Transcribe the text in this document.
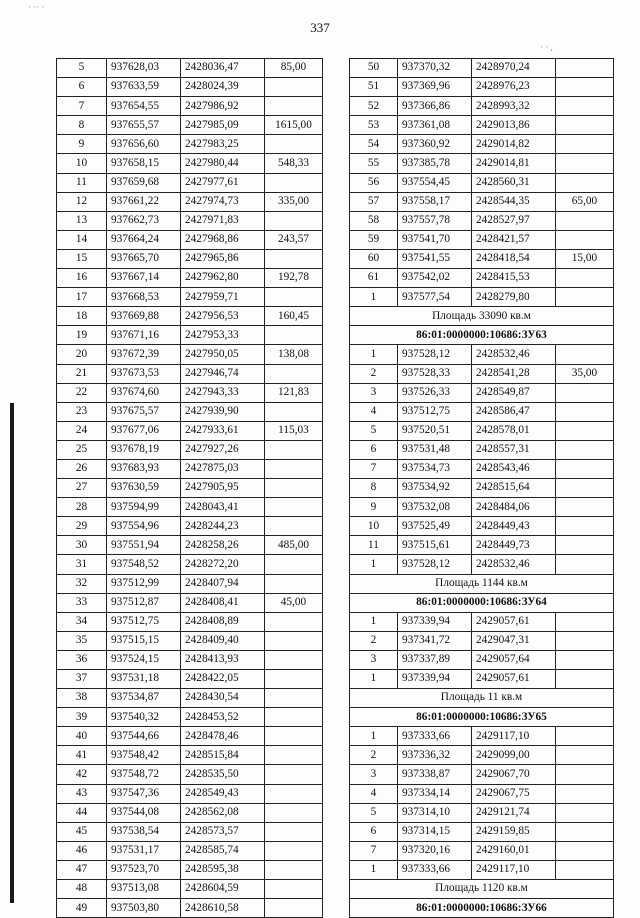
337
5	937628,03	2428036,47	85,00
6	937633,59	2428024,39	
7	937654,55	2427986,92	
8	937655,57	2427985,09	1615,00
9	937656,60	2427983,25	
10	937658,15	2427980,44	548,33
11	937659,68	2427977,61	
12	937661,22	2427974,73	335,00
13	937662,73	2427971,83	
14	937664,24	2427968,86	243,57
15	937665,70	2427965,86	
16	937667,14	2427962,80	192,78
17	937668,53	2427959,71	
18	937669,88	2427956,53	160,45
19	937671,16	2427953,33	
20	937672,39	2427950,05	138,08
21	937673,53	2427946,74	
22	937674,60	2427943,33	121,83
23	937675,57	2427939,90	
24	937677,06	2427933,61	115,03
25	937678,19	2427927,26	
26	937683,93	2427875,03	
27	937630,59	2427905,95	
28	937594,99	2428043,41	
29	937554,96	2428244,23	
30	937551,94	2428258,26	485,00
31	937548,52	2428272,20	
32	937512,99	2428407,94	
33	937512,87	2428408,41	45,00
34	937512,75	2428408,89	
35	937515,15	2428409,40	
36	937524,15	2428413,93	
37	937531,18	2428422,05	
38	937534,87	2428430,54	
39	937540,32	2428453,52	
40	937544,66	2428478,46	
41	937548,42	2428515,84	
42	937548,72	2428535,50	
43	937547,36	2428549,43	
44	937544,08	2428562,08	
45	937538,54	2428573,57	
46	937531,17	2428585,74	
47	937523,70	2428595,38	
48	937513,08	2428604,59	
49	937503,80	2428610,58	
50	937370,32	2428970,24	
51	937369,96	2428976,23	
52	937366,86	2428993,32	
53	937361,08	2429013,86	
54	937360,92	2429014,82	
55	937385,78	2429014,81	
56	937554,45	2428560,31	
57	937558,17	2428544,35	65,00
58	937557,78	2428527,97	
59	937541,70	2428421,57	
60	937541,55	2428418,54	15,00
61	937542,02	2428415,53	
1	937577,54	2428279,80	
Площадь 33090 кв.м			
86:01:0000000:10686:ЗУ63			
1	937528,12	2428532,46	
2	937528,33	2428541,28	35,00
3	937526,33	2428549,87	
4	937512,75	2428586,47	
5	937520,51	2428578,01	
6	937531,48	2428557,31	
7	937534,73	2428543,46	
8	937534,92	2428515,64	
9	937532,08	2428484,06	
10	937525,49	2428449,43	
11	937515,61	2428449,73	
1	937528,12	2428532,46	
Площадь 1144 кв.м			
86:01:0000000:10686:ЗУ64			
1	937339,94	2429057,61	
2	937341,72	2429047,31	
3	937337,89	2429057,64	
1	937339,94	2429057,61	
Площадь 11 кв.м			
86:01:0000000:10686:ЗУ65			
1	937333,66	2429117,10	
2	937336,32	2429099,00	
3	937338,87	2429067,70	
4	937334,14	2429067,75	
5	937314,10	2429121,74	
6	937314,15	2429159,85	
7	937320,16	2429160,01	
1	937333,66	2429117,10	
Площадь 1120 кв.м			
86:01:0000000:10686:ЗУ66			
· ·· ·
· · ,
